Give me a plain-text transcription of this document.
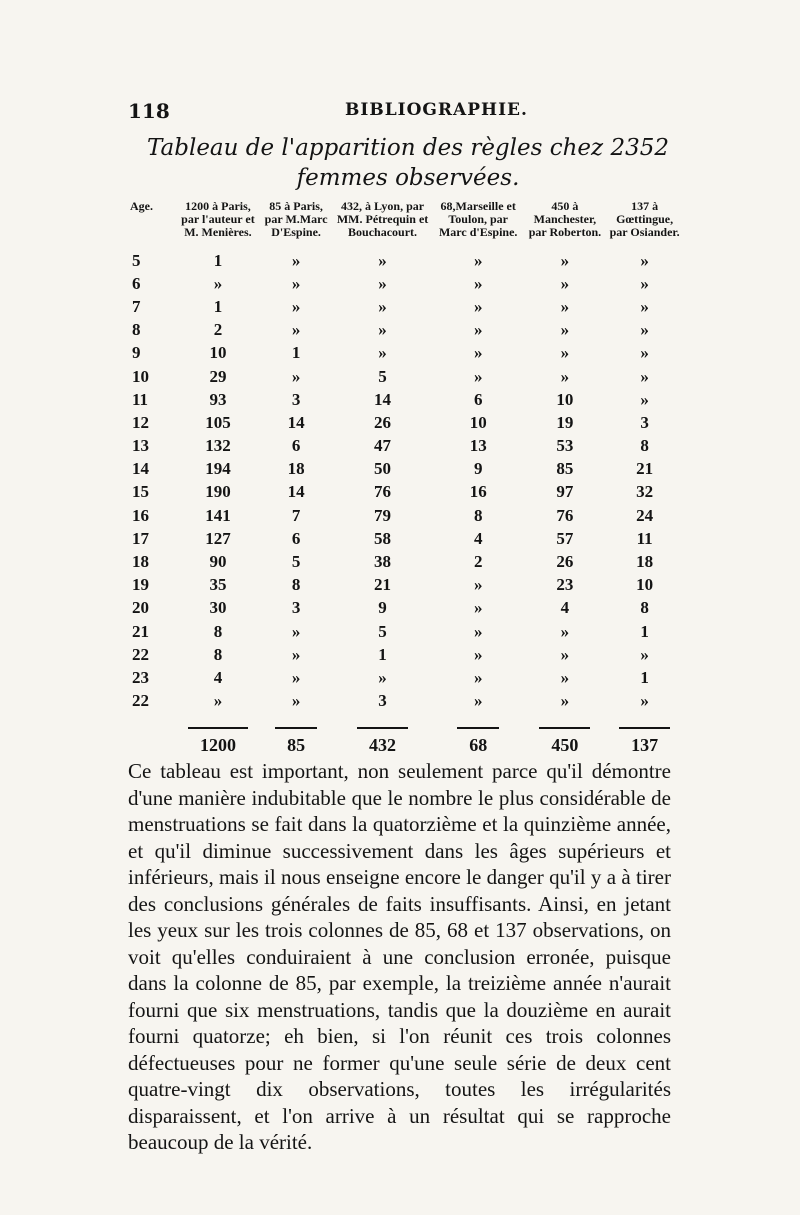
118	BIBLIOGRAPHIE.
Tableau de l'apparition des règles chez 2352 femmes observées.
Age.	1200 à Paris, par l'auteur et M. Menières.	85 à Paris, par M.Marc D'Espine.	432, à Lyon, par MM. Pétrequin et Bouchacourt.	68,Marseille et Toulon, par Marc d'Espine.	450 à Manchester, par Roberton.	137 à Gœttingue, par Osiander.
5	1	»	»	»	»	»
6	»	»	»	»	»	»
7	1	»	»	»	»	»
8	2	»	»	»	»	»
9	10	1	»	»	»	»
10	29	»	5	»	»	»
11	93	3	14	6	10	»
12	105	14	26	10	19	3
13	132	6	47	13	53	8
14	194	18	50	9	85	21
15	190	14	76	16	97	32
16	141	7	79	8	76	24
17	127	6	58	4	57	11
18	90	5	38	2	26	18
19	35	8	21	»	23	10
20	30	3	9	»	4	8
21	8	»	5	»	»	1
22	8	»	1	»	»	»
23	4	»	»	»	»	1
22	»	»	3	»	»	»
	1200	85	432	68	450	137

Ce tableau est important, non seulement parce qu'il démontre d'une manière indubitable que le nombre le plus considérable de menstruations se fait dans la quatorzième et la quinzième année, et qu'il diminue successivement dans les âges supérieurs et inférieurs, mais il nous enseigne encore le danger qu'il y a à tirer des conclusions générales de faits insuffisants. Ainsi, en jetant les yeux sur les trois colonnes de 85, 68 et 137 observations, on voit qu'elles conduiraient à une conclusion erronée, puisque dans la colonne de 85, par exemple, la treizième année n'aurait fourni que six menstruations, tandis que la douzième en aurait fourni quatorze; eh bien, si l'on réunit ces trois colonnes défectueuses pour ne former qu'une seule série de deux cent quatre-vingt dix observations, toutes les irrégularités disparaissent, et l'on arrive à un résultat qui se rapproche beaucoup de la vérité.
